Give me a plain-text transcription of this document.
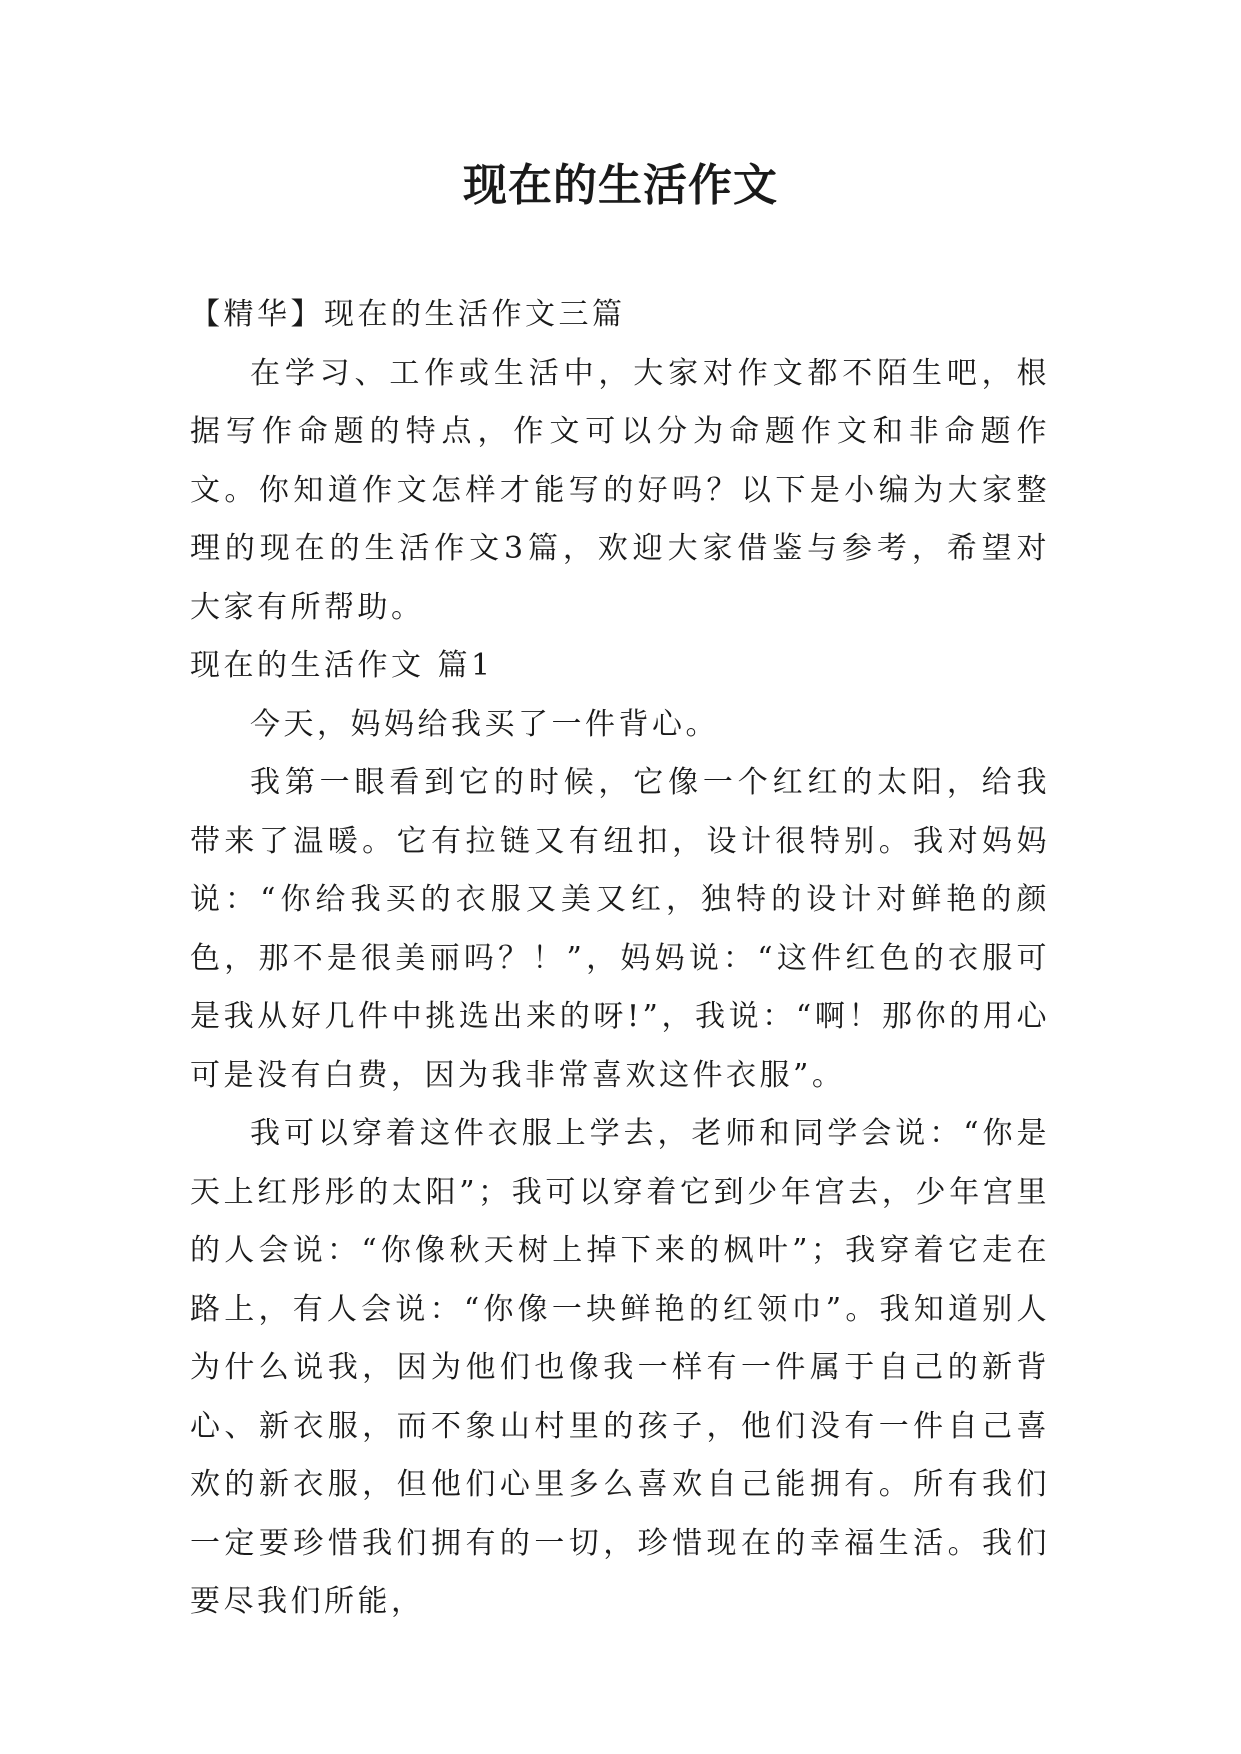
现在的生活作文

【精华】现在的生活作文三篇

在学习、工作或生活中，大家对作文都不陌生吧，根据写作命题的特点，作文可以分为命题作文和非命题作文。你知道作文怎样才能写的好吗？以下是小编为大家整理的现在的生活作文3篇，欢迎大家借鉴与参考，希望对大家有所帮助。

现在的生活作文 篇1

今天，妈妈给我买了一件背心。

我第一眼看到它的时候，它像一个红红的太阳，给我带来了温暖。它有拉链又有纽扣，设计很特别。我对妈妈说：“你给我买的衣服又美又红，独特的设计对鲜艳的颜色，那不是很美丽吗？！”，妈妈说：“这件红色的衣服可是我从好几件中挑选出来的呀!”，我说：“啊！那你的用心可是没有白费，因为我非常喜欢这件衣服”。

我可以穿着这件衣服上学去，老师和同学会说：“你是天上红彤彤的太阳”；我可以穿着它到少年宫去，少年宫里的人会说：“你像秋天树上掉下来的枫叶”；我穿着它走在路上，有人会说：“你像一块鲜艳的红领巾”。我知道别人为什么说我，因为他们也像我一样有一件属于自己的新背心、新衣服，而不象山村里的孩子，他们没有一件自己喜欢的新衣服，但他们心里多么喜欢自己能拥有。所有我们一定要珍惜我们拥有的一切，珍惜现在的幸福生活。我们要尽我们所能，
